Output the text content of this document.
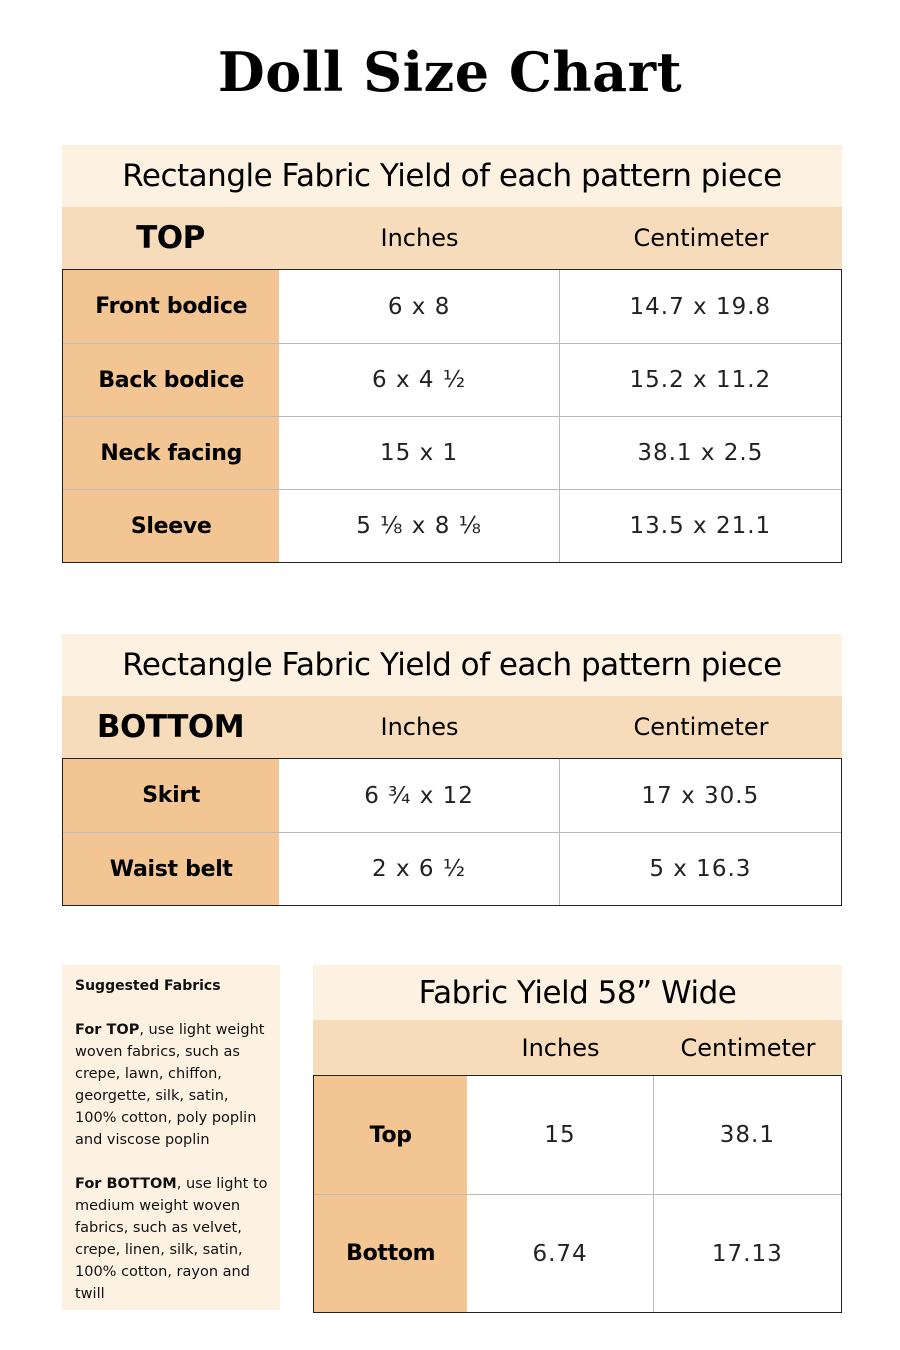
Doll Size Chart
Rectangle Fabric Yield of each pattern piece
TOP	Inches	Centimeter
Front bodice	6 x 8	14.7 x 19.8
Back bodice	6 x 4 ½	15.2 x 11.2
Neck facing	15 x 1	38.1 x 2.5
Sleeve	5 ⅛ x 8 ⅛	13.5 x 21.1
Rectangle Fabric Yield of each pattern piece
BOTTOM	Inches	Centimeter
Skirt	6 ¾ x 12	17 x 30.5
Waist belt	2 x 6 ½	5 x 16.3
Suggested Fabrics
For TOP, use light weight woven fabrics, such as crepe, lawn, chiffon, georgette, silk, satin, 100% cotton, poly poplin and viscose poplin
For BOTTOM, use light to medium weight woven fabrics, such as velvet, crepe, linen, silk, satin, 100% cotton, rayon and twill
Fabric Yield 58” Wide
Inches	Centimeter
Top	15	38.1
Bottom	6.74	17.13
